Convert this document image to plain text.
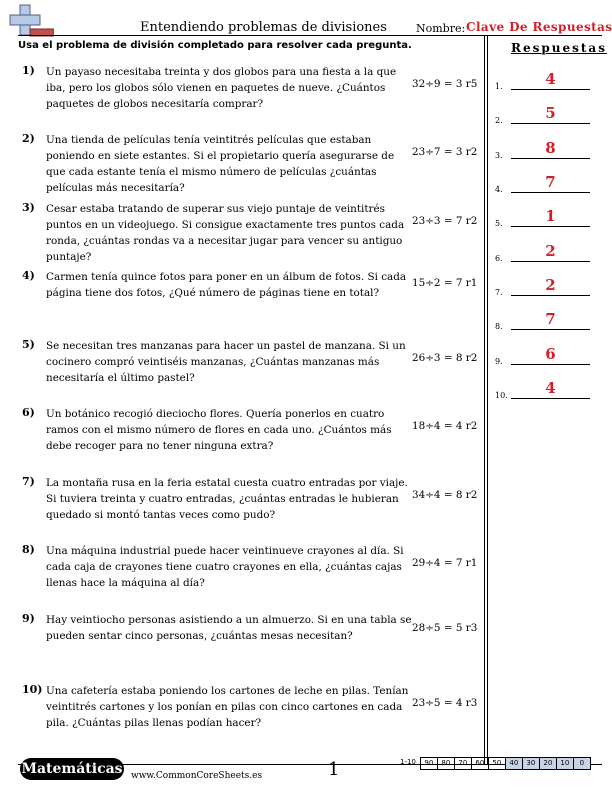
Entendiendo problemas de divisiones	Nombre: Clave De Respuestas
Usa el problema de división completado para resolver cada pregunta.	Respuestas
1.	4
2.	5
3.	8
4.	7
5.	1
6.	2
7.	2
8.	7
9.	6
10.	4
1) Un payaso necesitaba treinta y dos globos para una fiesta a la que iba, pero los globos sólo vienen en paquetes de nueve. ¿Cuántos paquetes de globos necesitaría comprar?
32÷9 = 3 r5
2) Una tienda de películas tenía veintitrés películas que estaban poniendo en siete estantes. Si el propietario quería asegurarse de que cada estante tenía el mismo número de películas ¿cuántas películas más necesitaría?
23÷7 = 3 r2
3) Cesar estaba tratando de superar sus viejo puntaje de veintitrés puntos en un videojuego. Si consigue exactamente tres puntos cada ronda, ¿cuántas rondas va a necesitar jugar para vencer su antiguo puntaje?
23÷3 = 7 r2
4) Carmen tenía quince fotos para poner en un álbum de fotos. Si cada página tiene dos fotos, ¿Qué número de páginas tiene en total?
15÷2 = 7 r1
5) Se necesitan tres manzanas para hacer un pastel de manzana. Si un cocinero compró veintiséis manzanas, ¿Cuántas manzanas más necesitaría el último pastel?
26÷3 = 8 r2
6) Un botánico recogió dieciocho flores. Quería ponerlos en cuatro ramos con el mismo número de flores en cada uno. ¿Cuántos más debe recoger para no tener ninguna extra?
18÷4 = 4 r2
7) La montaña rusa en la feria estatal cuesta cuatro entradas por viaje. Si tuviera treinta y cuatro entradas, ¿cuántas entradas le hubieran quedado si montó tantas veces como pudo?
34÷4 = 8 r2
8) Una máquina industrial puede hacer veintinueve crayones al día. Si cada caja de crayones tiene cuatro crayones en ella, ¿cuántas cajas llenas hace la máquina al día?
29÷4 = 7 r1
9) Hay veintiocho personas asistiendo a un almuerzo. Si en una tabla se pueden sentar cinco personas, ¿cuántas mesas necesitan?
28÷5 = 5 r3
10) Una cafetería estaba poniendo los cartones de leche en pilas. Tenían veintitrés cartones y los ponían en pilas con cinco cartones en cada pila. ¿Cuántas pilas llenas podían hacer?
23÷5 = 4 r3
Matemáticas www.CommonCoreSheets.es	1	1-10	90	80	70	60	50	40	30	20	10	0
